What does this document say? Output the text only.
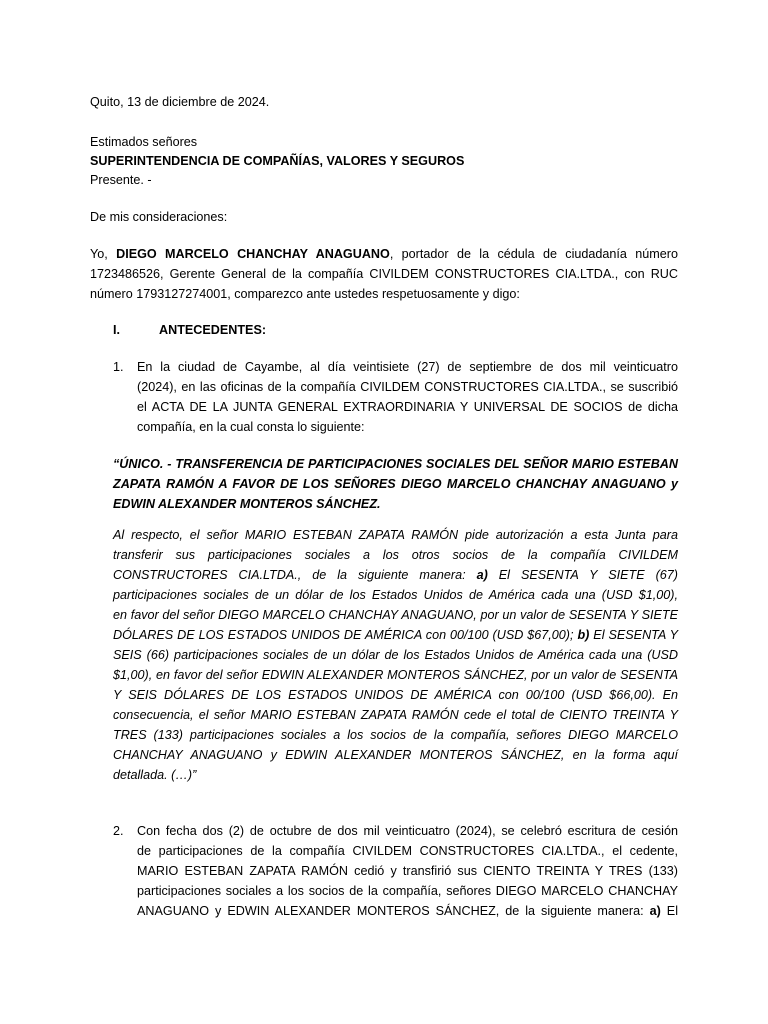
Quito, 13 de diciembre de 2024.

Estimados señores

SUPERINTENDENCIA DE COMPAÑÍAS, VALORES Y SEGUROS

Presente. -

De mis consideraciones:

Yo, DIEGO MARCELO CHANCHAY ANAGUANO, portador de la cédula de ciudadanía número

1723486526, Gerente General de la compañía CIVILDEM CONSTRUCTORES CIA.LTDA., con RUC

número 1793127274001, comparezco ante ustedes respetuosamente y digo:

I.	ANTECEDENTES:
1. En la ciudad de Cayambe, al día veintisiete (27) de septiembre de dos mil veinticuatro

(2024), en las oficinas de la compañía CIVILDEM CONSTRUCTORES CIA.LTDA., se suscribió

el ACTA DE LA JUNTA GENERAL EXTRAORDINARIA Y UNIVERSAL DE SOCIOS de dicha

compañía, en la cual consta lo siguiente:

“ÚNICO. - TRANSFERENCIA DE PARTICIPACIONES SOCIALES DEL SEÑOR MARIO ESTEBAN

ZAPATA RAMÓN A FAVOR DE LOS SEÑORES DIEGO MARCELO CHANCHAY ANAGUANO y

EDWIN ALEXANDER MONTEROS SÁNCHEZ.

Al respecto, el señor MARIO ESTEBAN ZAPATA RAMÓN pide autorización a esta Junta para

transferir sus participaciones sociales a los otros socios de la compañía CIVILDEM

CONSTRUCTORES CIA.LTDA., de la siguiente manera: a) El SESENTA Y SIETE (67)

participaciones sociales de un dólar de los Estados Unidos de América cada una (USD $1,00),

en favor del señor DIEGO MARCELO CHANCHAY ANAGUANO, por un valor de SESENTA Y SIETE

DÓLARES DE LOS ESTADOS UNIDOS DE AMÉRICA con 00/100 (USD $67,00); b) El SESENTA Y

SEIS (66) participaciones sociales de un dólar de los Estados Unidos de América cada una (USD

$1,00), en favor del señor EDWIN ALEXANDER MONTEROS SÁNCHEZ, por un valor de SESENTA

Y SEIS DÓLARES DE LOS ESTADOS UNIDOS DE AMÉRICA con 00/100 (USD $66,00). En

consecuencia, el señor MARIO ESTEBAN ZAPATA RAMÓN cede el total de CIENTO TREINTA Y

TRES (133) participaciones sociales a los socios de la compañía, señores DIEGO MARCELO

CHANCHAY ANAGUANO y EDWIN ALEXANDER MONTEROS SÁNCHEZ, en la forma aquí

detallada. (…)”

2. Con fecha dos (2) de octubre de dos mil veinticuatro (2024), se celebró escritura de cesión

de participaciones de la compañía CIVILDEM CONSTRUCTORES CIA.LTDA., el cedente,

MARIO ESTEBAN ZAPATA RAMÓN cedió y transfirió sus CIENTO TREINTA Y TRES (133)

participaciones sociales a los socios de la compañía, señores DIEGO MARCELO CHANCHAY

ANAGUANO y EDWIN ALEXANDER MONTEROS SÁNCHEZ, de la siguiente manera: a) El
